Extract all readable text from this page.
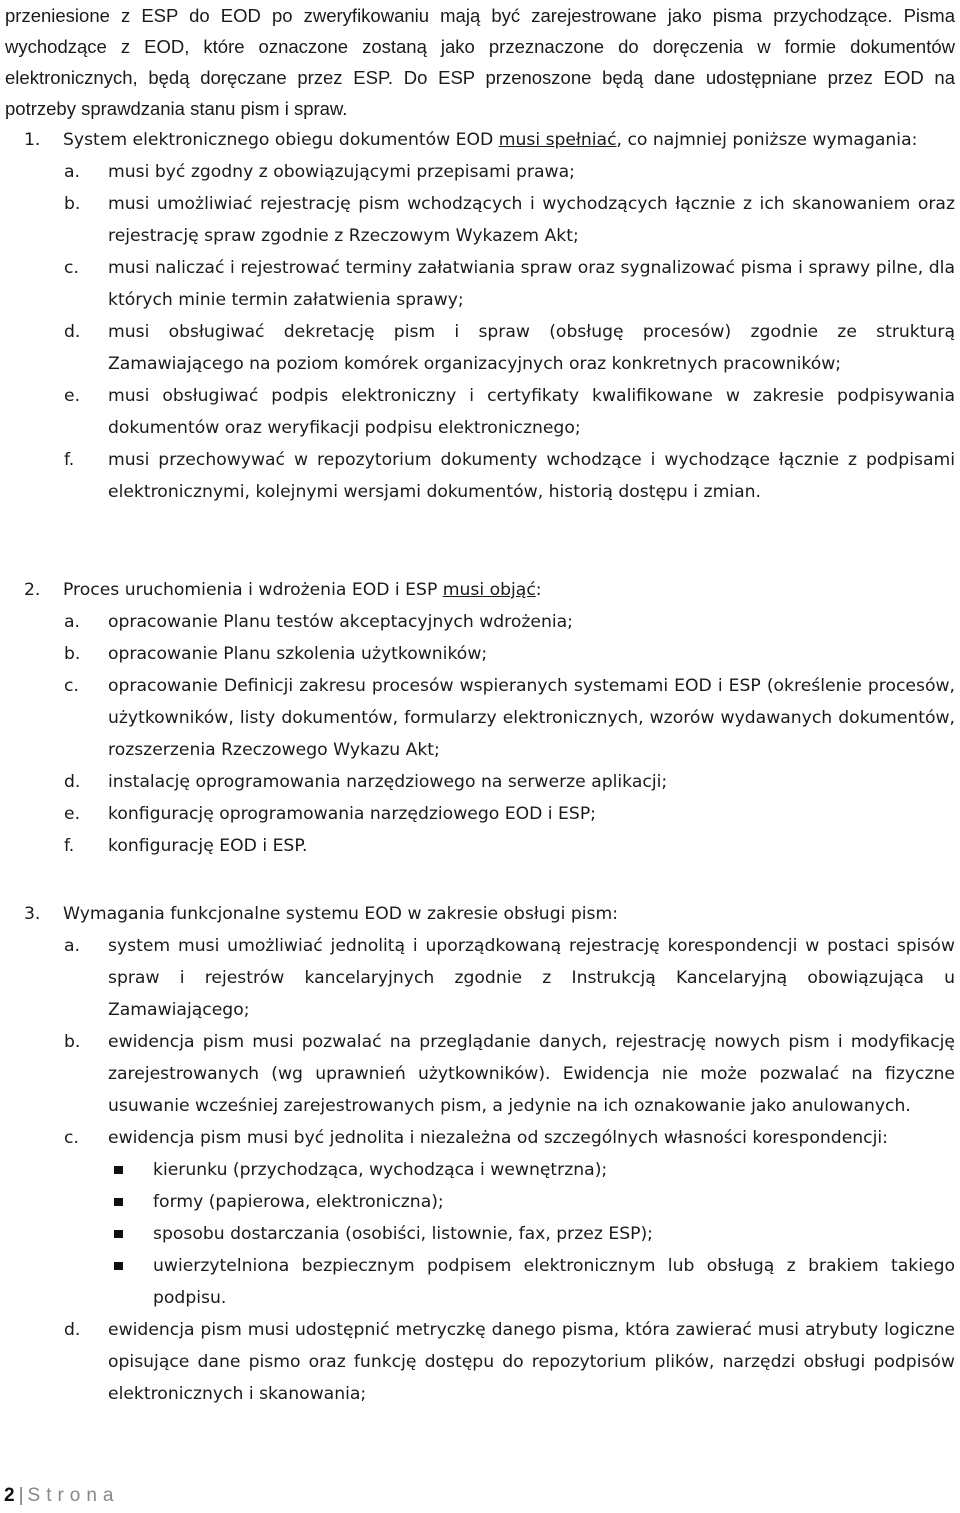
przeniesione z ESP do EOD po zweryfikowaniu mają być zarejestrowane jako pisma przychodzące. Pisma wychodzące z EOD, które oznaczone zostaną jako przeznaczone do doręczenia w formie dokumentów elektronicznych, będą doręczane przez ESP. Do ESP przenoszone będą dane udostępniane przez EOD na potrzeby sprawdzania stanu pism i spraw.

1. System elektronicznego obiegu dokumentów EOD musi spełniać, co najmniej poniższe wymagania:
a. musi być zgodny z obowiązującymi przepisami prawa;
b. musi umożliwiać rejestrację pism wchodzących i wychodzących łącznie z ich skanowaniem oraz rejestrację spraw zgodnie z Rzeczowym Wykazem Akt;
c. musi naliczać i rejestrować terminy załatwiania spraw oraz sygnalizować pisma i sprawy pilne, dla których minie termin załatwienia sprawy;
d. musi obsługiwać dekretację pism i spraw (obsługę procesów) zgodnie ze strukturą Zamawiającego na poziom komórek organizacyjnych oraz konkretnych pracowników;
e. musi obsługiwać podpis elektroniczny i certyfikaty kwalifikowane w zakresie podpisywania dokumentów oraz weryfikacji podpisu elektronicznego;
f. musi przechowywać w repozytorium dokumenty wchodzące i wychodzące łącznie z podpisami elektronicznymi, kolejnymi wersjami dokumentów, historią dostępu i zmian.
2. Proces uruchomienia i wdrożenia EOD i ESP musi objąć:
a. opracowanie Planu testów akceptacyjnych wdrożenia;
b. opracowanie Planu szkolenia użytkowników;
c. opracowanie Definicji zakresu procesów wspieranych systemami EOD i ESP (określenie procesów, użytkowników, listy dokumentów, formularzy elektronicznych, wzorów wydawanych dokumentów, rozszerzenia Rzeczowego Wykazu Akt;
d. instalację oprogramowania narzędziowego na serwerze aplikacji;
e. konfigurację oprogramowania narzędziowego EOD i ESP;
f. konfigurację EOD i ESP.
3. Wymagania funkcjonalne systemu EOD w zakresie obsługi pism:
a. system musi umożliwiać jednolitą i uporządkowaną rejestrację korespondencji w postaci spisów spraw i rejestrów kancelaryjnych zgodnie z Instrukcją Kancelaryjną obowiązująca u Zamawiającego;
b. ewidencja pism musi pozwalać na przeglądanie danych, rejestrację nowych pism i modyfikację zarejestrowanych (wg uprawnień użytkowników). Ewidencja nie może pozwalać na fizyczne usuwanie wcześniej zarejestrowanych pism, a jedynie na ich oznakowanie jako anulowanych.
c. ewidencja pism musi być jednolita i niezależna od szczególnych własności korespondencji:
kierunku (przychodząca, wychodząca i wewnętrzna);
formy (papierowa, elektroniczna);
sposobu dostarczania (osobiści, listownie, fax, przez ESP);
uwierzytelniona bezpiecznym podpisem elektronicznym lub obsługą z brakiem takiego podpisu.
d. ewidencja pism musi udostępnić metryczkę danego pisma, która zawierać musi atrybuty logiczne opisujące dane pismo oraz funkcję dostępu do repozytorium plików, narzędzi obsługi podpisów elektronicznych i skanowania;
2 | Strona
